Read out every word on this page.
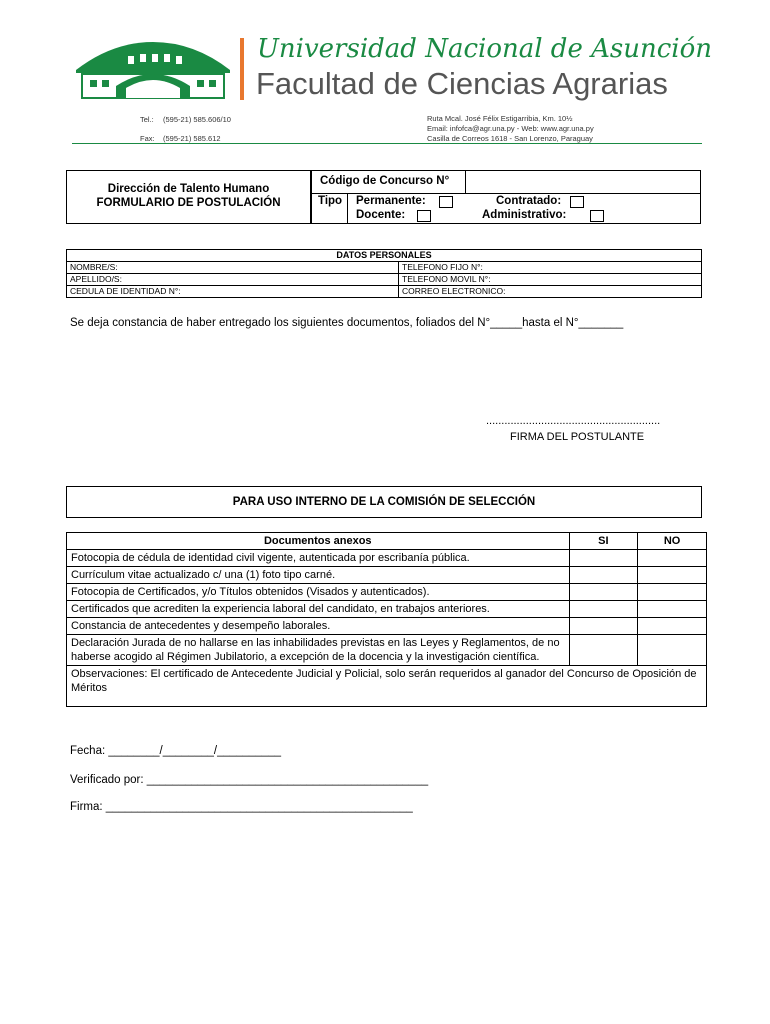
Universidad Nacional de Asunción
Facultad de Ciencias Agrarias
Tel.: (595-21) 585.606/10
Fax: (595-21) 585.612
Ruta Mcal. José Félix Estigarribia, Km. 10½
Email: infofca@agr.una.py - Web: www.agr.una.py
Casilla de Correos 1618 - San Lorenzo, Paraguay
Dirección de Talento Humano
FORMULARIO DE POSTULACIÓN
Código de Concurso N°
Tipo Permanente:
Docente:
Contratado:
Administrativo:
DATOS PERSONALES	
NOMBRE/S:	TELEFONO FIJO N°:
APELLIDO/S:	TELEFONO MOVIL N°:
CEDULA DE IDENTIDAD N°:	CORREO ELECTRONICO:
Se deja constancia de haber entregado los siguientes documentos, foliados del N°_____hasta el N°_______
.........................................................
FIRMA DEL POSTULANTE
PARA USO INTERNO DE LA COMISIÓN DE SELECCIÓN
Documentos anexos	SI	NO
Fotocopia de cédula de identidad civil vigente, autenticada por escribanía pública.		
Currículum vitae actualizado c/ una (1) foto tipo carné.		
Fotocopia de Certificados, y/o Títulos obtenidos (Visados y autenticados).		
Certificados que acrediten la experiencia laboral del candidato, en trabajos anteriores.		
Constancia de antecedentes y desempeño laborales.		
Declaración Jurada de no hallarse en las inhabilidades previstas en las Leyes y Reglamentos, de no haberse acogido al Régimen Jubilatorio, a excepción de la docencia y la investigación científica.		
Observaciones: El certificado de Antecedente Judicial y Policial, solo serán requeridos al ganador del Concurso de Oposición de Méritos		
Fecha: ________/________/__________
Verificado por: ____________________________________________
Firma: ________________________________________________
